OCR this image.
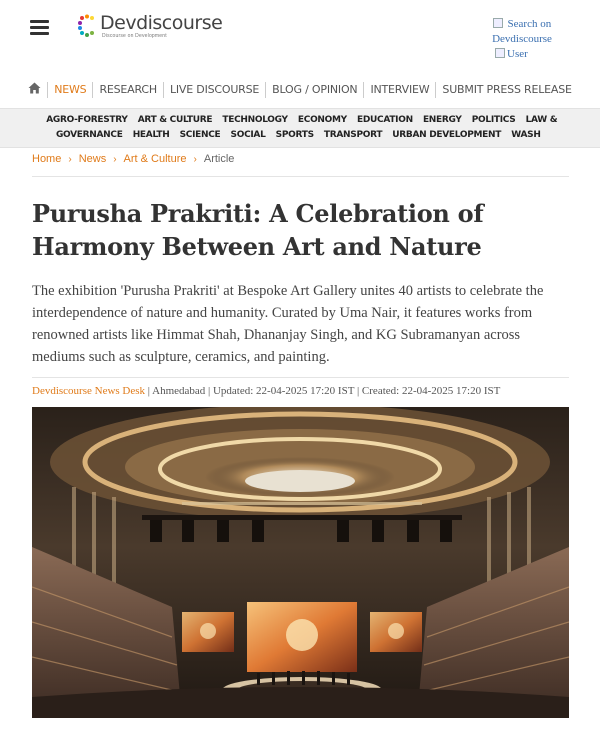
Devdiscourse
Discourse on Development
Search on Devdiscourse
User
NEWS	RESEARCH	LIVE DISCOURSE	BLOG / OPINION	INTERVIEW	SUBMIT PRESS RELEASE
AGRO-FORESTRY ART & CULTURE TECHNOLOGY ECONOMY EDUCATION ENERGY POLITICS LAW & GOVERNANCE HEALTH SCIENCE SOCIAL SPORTS TRANSPORT URBAN DEVELOPMENT WASH
Home › News › Art & Culture › Article
Purusha Prakriti: A Celebration of Harmony Between Art and Nature

The exhibition 'Purusha Prakriti' at Bespoke Art Gallery unites 40 artists to celebrate the interdependence of nature and humanity. Curated by Uma Nair, it features works from renowned artists like Himmat Shah, Dhananjay Singh, and KG Subramanyan across mediums such as sculpture, ceramics, and painting.

Devdiscourse News Desk | Ahmedabad | Updated: 22-04-2025 17:20 IST | Created: 22-04-2025 17:20 IST
